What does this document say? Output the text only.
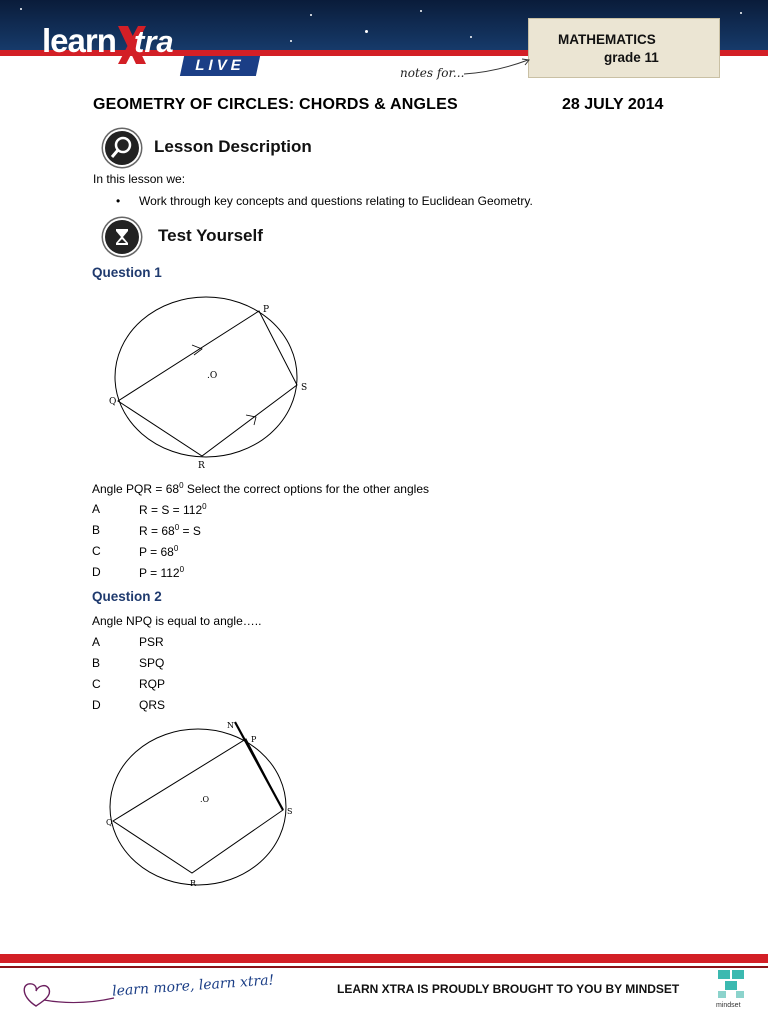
learn tra
LIVE
MATHEMATICS
grade 11
notes for...
GEOMETRY OF CIRCLES: CHORDS & ANGLES	28 JULY 2014
Lesson Description
In this lesson we:
• Work through key concepts and questions relating to Euclidean Geometry.
Test Yourself
Question 1
P
S
R
Q
.O
Angle PQR = $68^0$ Select the correct options for the other angles
A	$R = S = 112^0$
B	$R = 68^0 = S$
C	$P = 68^0$
D	$P = 112^0$
Question 2
Angle NPQ is equal to angle…..
A	PSR
B	SPQ
C	RQP
D	QRS
N
P
S
R
Q
.O
learn more, learn xtra!	LEARN XTRA IS PROUDLY BROUGHT TO YOU BY MINDSET
mindset
